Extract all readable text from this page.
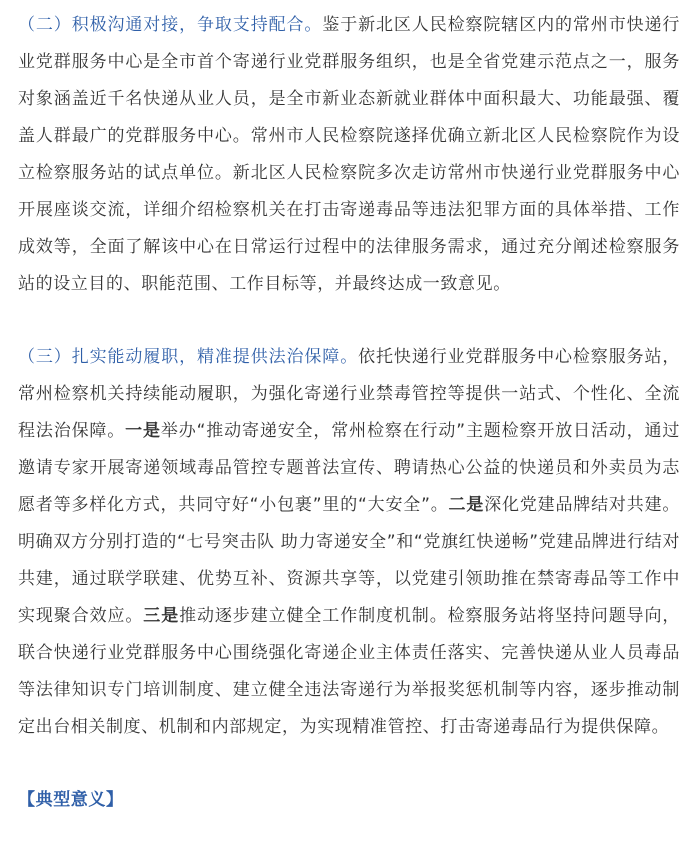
（二）积极沟通对接，争取支持配合。鉴于新北区人民检察院辖区内的常州市快递行业党群服务中心是全市首个寄递行业党群服务组织，也是全省党建示范点之一，服务对象涵盖近千名快递从业人员，是全市新业态新就业群体中面积最大、功能最强、覆盖人群最广的党群服务中心。常州市人民检察院遂择优确立新北区人民检察院作为设立检察服务站的试点单位。新北区人民检察院多次走访常州市快递行业党群服务中心开展座谈交流，详细介绍检察机关在打击寄递毒品等违法犯罪方面的具体举措、工作成效等，全面了解该中心在日常运行过程中的法律服务需求，通过充分阐述检察服务站的设立目的、职能范围、工作目标等，并最终达成一致意见。

（三）扎实能动履职，精准提供法治保障。依托快递行业党群服务中心检察服务站，常州检察机关持续能动履职，为强化寄递行业禁毒管控等提供一站式、个性化、全流程法治保障。一是举办“推动寄递安全，常州检察在行动”主题检察开放日活动，通过邀请专家开展寄递领域毒品管控专题普法宣传、聘请热心公益的快递员和外卖员为志愿者等多样化方式，共同守好“小包裹”里的“大安全”。二是深化党建品牌结对共建。明确双方分别打造的“七号突击队 助力寄递安全”和“党旗红快递畅”党建品牌进行结对共建，通过联学联建、优势互补、资源共享等，以党建引领助推在禁寄毒品等工作中实现聚合效应。三是推动逐步建立健全工作制度机制。检察服务站将坚持问题导向，联合快递行业党群服务中心围绕强化寄递企业主体责任落实、完善快递从业人员毒品等法律知识专门培训制度、建立健全违法寄递行为举报奖惩机制等内容，逐步推动制定出台相关制度、机制和内部规定，为实现精准管控、打击寄递毒品行为提供保障。

【典型意义】
